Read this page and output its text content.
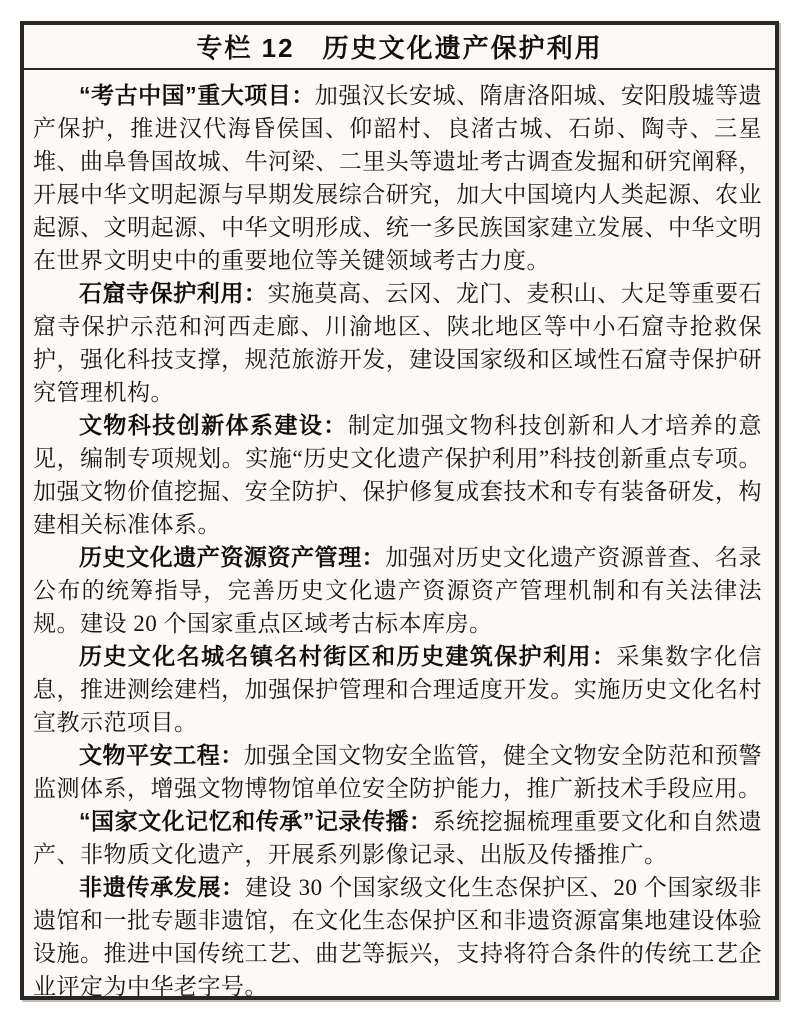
专栏 12　历史文化遗产保护利用

“考古中国”重大项目：加强汉长安城、隋唐洛阳城、安阳殷墟等遗产保护，推进汉代海昏侯国、仰韶村、良渚古城、石峁、陶寺、三星堆、曲阜鲁国故城、牛河梁、二里头等遗址考古调查发掘和研究阐释，开展中华文明起源与早期发展综合研究，加大中国境内人类起源、农业起源、文明起源、中华文明形成、统一多民族国家建立发展、中华文明在世界文明史中的重要地位等关键领域考古力度。

石窟寺保护利用：实施莫高、云冈、龙门、麦积山、大足等重要石窟寺保护示范和河西走廊、川渝地区、陕北地区等中小石窟寺抢救保护，强化科技支撑，规范旅游开发，建设国家级和区域性石窟寺保护研究管理机构。

文物科技创新体系建设：制定加强文物科技创新和人才培养的意见，编制专项规划。实施“历史文化遗产保护利用”科技创新重点专项。加强文物价值挖掘、安全防护、保护修复成套技术和专有装备研发，构建相关标准体系。

历史文化遗产资源资产管理：加强对历史文化遗产资源普查、名录公布的统筹指导，完善历史文化遗产资源资产管理机制和有关法律法规。建设 20 个国家重点区域考古标本库房。

历史文化名城名镇名村街区和历史建筑保护利用：采集数字化信息，推进测绘建档，加强保护管理和合理适度开发。实施历史文化名村宣教示范项目。

文物平安工程：加强全国文物安全监管，健全文物安全防范和预警监测体系，增强文物博物馆单位安全防护能力，推广新技术手段应用。

“国家文化记忆和传承”记录传播：系统挖掘梳理重要文化和自然遗产、非物质文化遗产，开展系列影像记录、出版及传播推广。

非遗传承发展：建设 30 个国家级文化生态保护区、20 个国家级非遗馆和一批专题非遗馆，在文化生态保护区和非遗资源富集地建设体验设施。推进中国传统工艺、曲艺等振兴，支持将符合条件的传统工艺企业评定为中华老字号。
